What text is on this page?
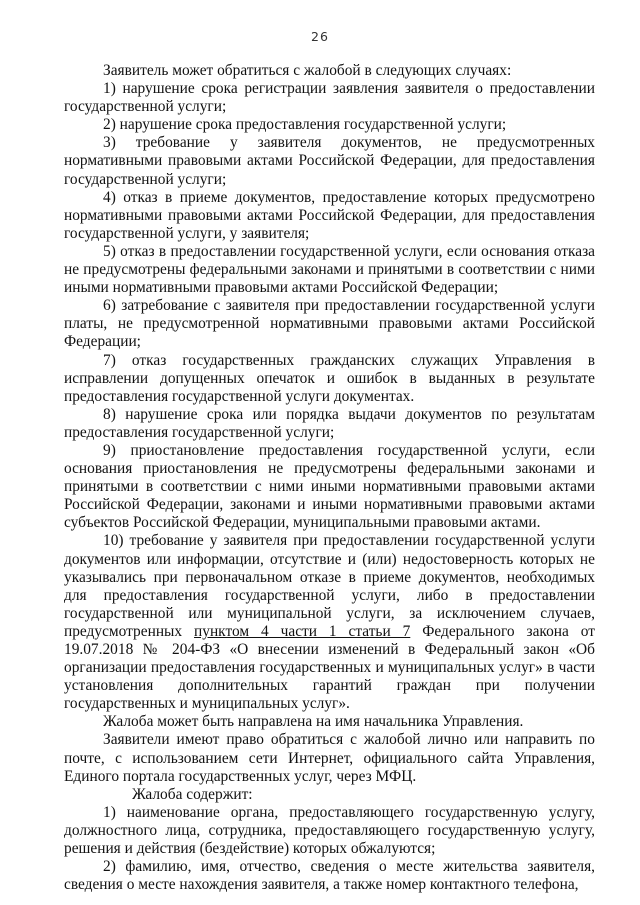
26

Заявитель может обратиться с жалобой в следующих случаях:

1) нарушение срока регистрации заявления заявителя о предоставлении государственной услуги;

2) нарушение срока предоставления государственной услуги;

3) требование у заявителя документов, не предусмотренных нормативными правовыми актами Российской Федерации, для предоставления государственной услуги;

4) отказ в приеме документов, предоставление которых предусмотрено нормативными правовыми актами Российской Федерации, для предоставления государственной услуги, у заявителя;

5) отказ в предоставлении государственной услуги, если основания отказа не предусмотрены федеральными законами и принятыми в соответствии с ними иными нормативными правовыми актами Российской Федерации;

6) затребование с заявителя при предоставлении государственной услуги платы, не предусмотренной нормативными правовыми актами Российской Федерации;

7) отказ государственных гражданских служащих Управления в исправлении допущенных опечаток и ошибок в выданных в результате предоставления государственной услуги документах.

8) нарушение срока или порядка выдачи документов по результатам предоставления государственной услуги;

9) приостановление предоставления государственной услуги, если основания приостановления не предусмотрены федеральными законами и принятыми в соответствии с ними иными нормативными правовыми актами Российской Федерации, законами и иными нормативными правовыми актами субъектов Российской Федерации, муниципальными правовыми актами.

10) требование у заявителя при предоставлении государственной услуги документов или информации, отсутствие и (или) недостоверность которых не указывались при первоначальном отказе в приеме документов, необходимых для предоставления государственной услуги, либо в предоставлении государственной или муниципальной услуги, за исключением случаев, предусмотренных пунктом 4 части 1 статьи 7 Федерального закона от 19.07.2018 № 204-ФЗ «О внесении изменений в Федеральный закон «Об организации предоставления государственных и муниципальных услуг» в части установления дополнительных гарантий граждан при получении государственных и муниципальных услуг».

Жалоба может быть направлена на имя начальника Управления.

Заявители имеют право обратиться с жалобой лично или направить по почте, с использованием сети Интернет, официального сайта Управления, Единого портала государственных услуг, через МФЦ.

Жалоба содержит:

1) наименование органа, предоставляющего государственную услугу, должностного лица, сотрудника, предоставляющего государственную услугу, решения и действия (бездействие) которых обжалуются;

2) фамилию, имя, отчество, сведения о месте жительства заявителя, сведения о месте нахождения заявителя, а также номер контактного телефона,
